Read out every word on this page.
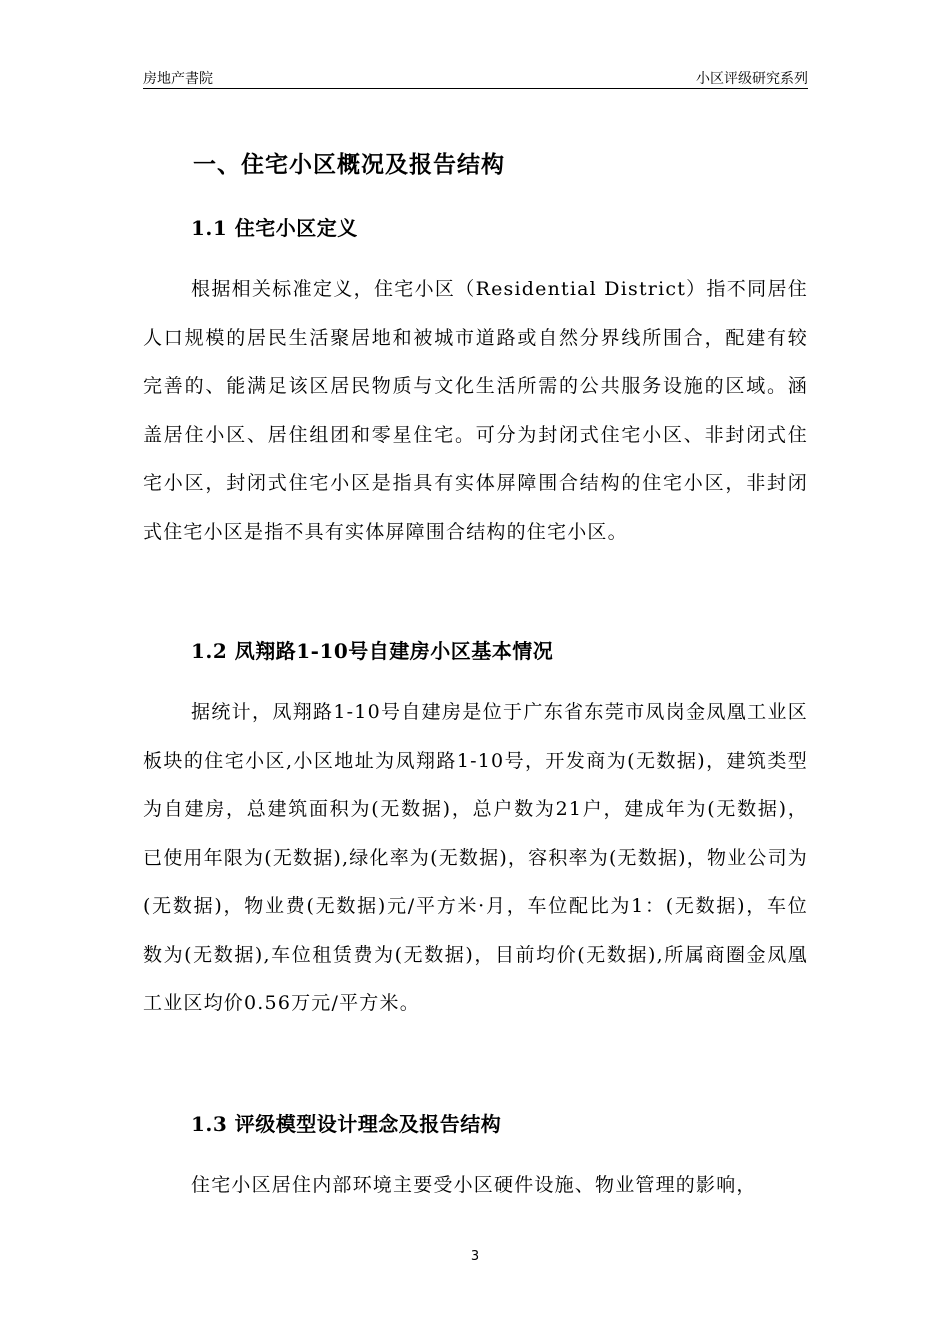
房地产書院	小区评级研究系列
一、住宅小区概况及报告结构
1.1 住宅小区定义
根据相关标准定义，住宅小区（Residential District）指不同居住人口规模的居民生活聚居地和被城市道路或自然分界线所围合，配建有较完善的、能满足该区居民物质与文化生活所需的公共服务设施的区域。涵盖居住小区、居住组团和零星住宅。可分为封闭式住宅小区、非封闭式住宅小区，封闭式住宅小区是指具有实体屏障围合结构的住宅小区，非封闭式住宅小区是指不具有实体屏障围合结构的住宅小区。
1.2 凤翔路1-10号自建房小区基本情况
据统计，凤翔路1-10号自建房是位于广东省东莞市凤岗金凤凰工业区板块的住宅小区,小区地址为凤翔路1-10号，开发商为(无数据)，建筑类型为自建房，总建筑面积为(无数据)，总户数为21户，建成年为(无数据)，已使用年限为(无数据),绿化率为(无数据)，容积率为(无数据)，物业公司为(无数据)，物业费(无数据)元/平方米·月，车位配比为1：(无数据)，车位数为(无数据),车位租赁费为(无数据)，目前均价(无数据),所属商圈金凤凰工业区均价0.56万元/平方米。
1.3 评级模型设计理念及报告结构
住宅小区居住内部环境主要受小区硬件设施、物业管理的影响，
3
